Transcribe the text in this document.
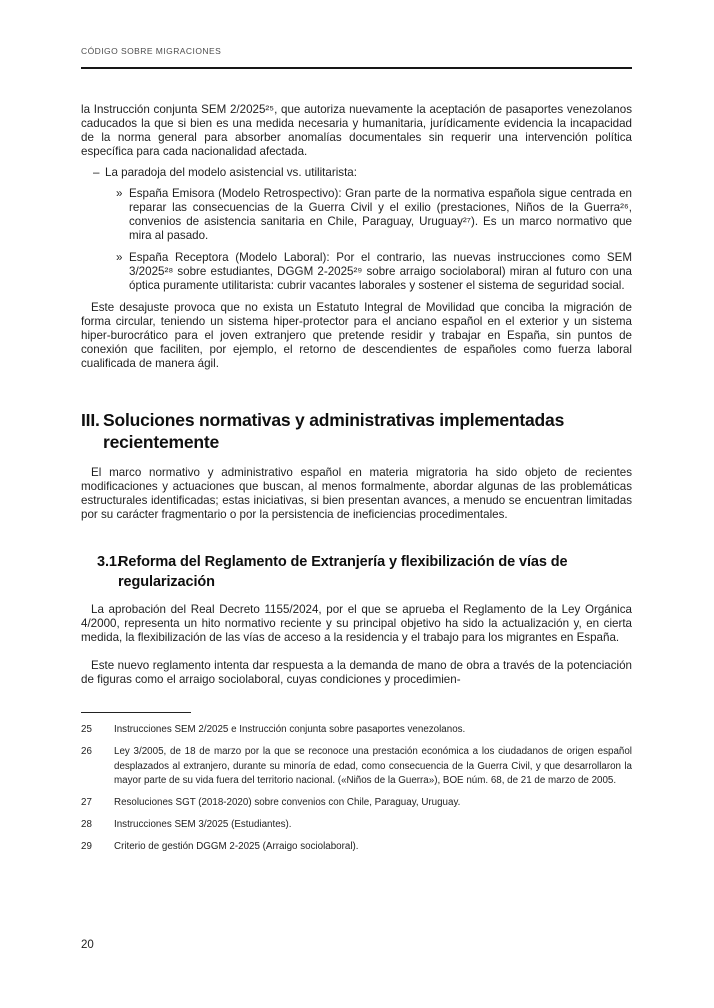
CÓDIGO SOBRE MIGRACIONES

la Instrucción conjunta SEM 2/2025²⁵, que autoriza nuevamente la aceptación de pasaportes venezolanos caducados la que si bien es una medida necesaria y humanitaria, jurídicamente evidencia la incapacidad de la norma general para absorber anomalías documentales sin requerir una intervención política específica para cada nacionalidad afectada.

– La paradoja del modelo asistencial vs. utilitarista:
» España Emisora (Modelo Retrospectivo): Gran parte de la normativa española sigue centrada en reparar las consecuencias de la Guerra Civil y el exilio (prestaciones, Niños de la Guerra²⁶, convenios de asistencia sanitaria en Chile, Paraguay, Uruguay²⁷). Es un marco normativo que mira al pasado.
» España Receptora (Modelo Laboral): Por el contrario, las nuevas instrucciones como SEM 3/2025²⁸ sobre estudiantes, DGGM 2-2025²⁹ sobre arraigo sociolaboral) miran al futuro con una óptica puramente utilitarista: cubrir vacantes laborales y sostener el sistema de seguridad social.

Este desajuste provoca que no exista un Estatuto Integral de Movilidad que conciba la migración de forma circular, teniendo un sistema hiper-protector para el anciano español en el exterior y un sistema hiper-burocrático para el joven extranjero que pretende residir y trabajar en España, sin puntos de conexión que faciliten, por ejemplo, el retorno de descendientes de españoles como fuerza laboral cualificada de manera ágil.

III. Soluciones normativas y administrativas implementadas recientemente

El marco normativo y administrativo español en materia migratoria ha sido objeto de recientes modificaciones y actuaciones que buscan, al menos formalmente, abordar algunas de las problemáticas estructurales identificadas; estas iniciativas, si bien presentan avances, a menudo se encuentran limitadas por su carácter fragmentario o por la persistencia de ineficiencias procedimentales.

3.1.
Reforma del Reglamento de Extranjería y flexibilización de vías de regularización

La aprobación del Real Decreto 1155/2024, por el que se aprueba el Reglamento de la Ley Orgánica 4/2000, representa un hito normativo reciente y su principal objetivo ha sido la actualización y, en cierta medida, la flexibilización de las vías de acceso a la residencia y el trabajo para los migrantes en España.

Este nuevo reglamento intenta dar respuesta a la demanda de mano de obra a través de la potenciación de figuras como el arraigo sociolaboral, cuyas condiciones y procedimien-

25	Instrucciones SEM 2/2025 e Instrucción conjunta sobre pasaportes venezolanos.
26	Ley 3/2005, de 18 de marzo por la que se reconoce una prestación económica a los ciudadanos de origen español desplazados al extranjero, durante su minoría de edad, como consecuencia de la Guerra Civil, y que desarrollaron la mayor parte de su vida fuera del territorio nacional. («Niños de la Guerra»), BOE núm. 68, de 21 de marzo de 2005.
27	Resoluciones SGT (2018-2020) sobre convenios con Chile, Paraguay, Uruguay.
28	Instrucciones SEM 3/2025 (Estudiantes).
29	Criterio de gestión DGGM 2-2025 (Arraigo sociolaboral).
20
